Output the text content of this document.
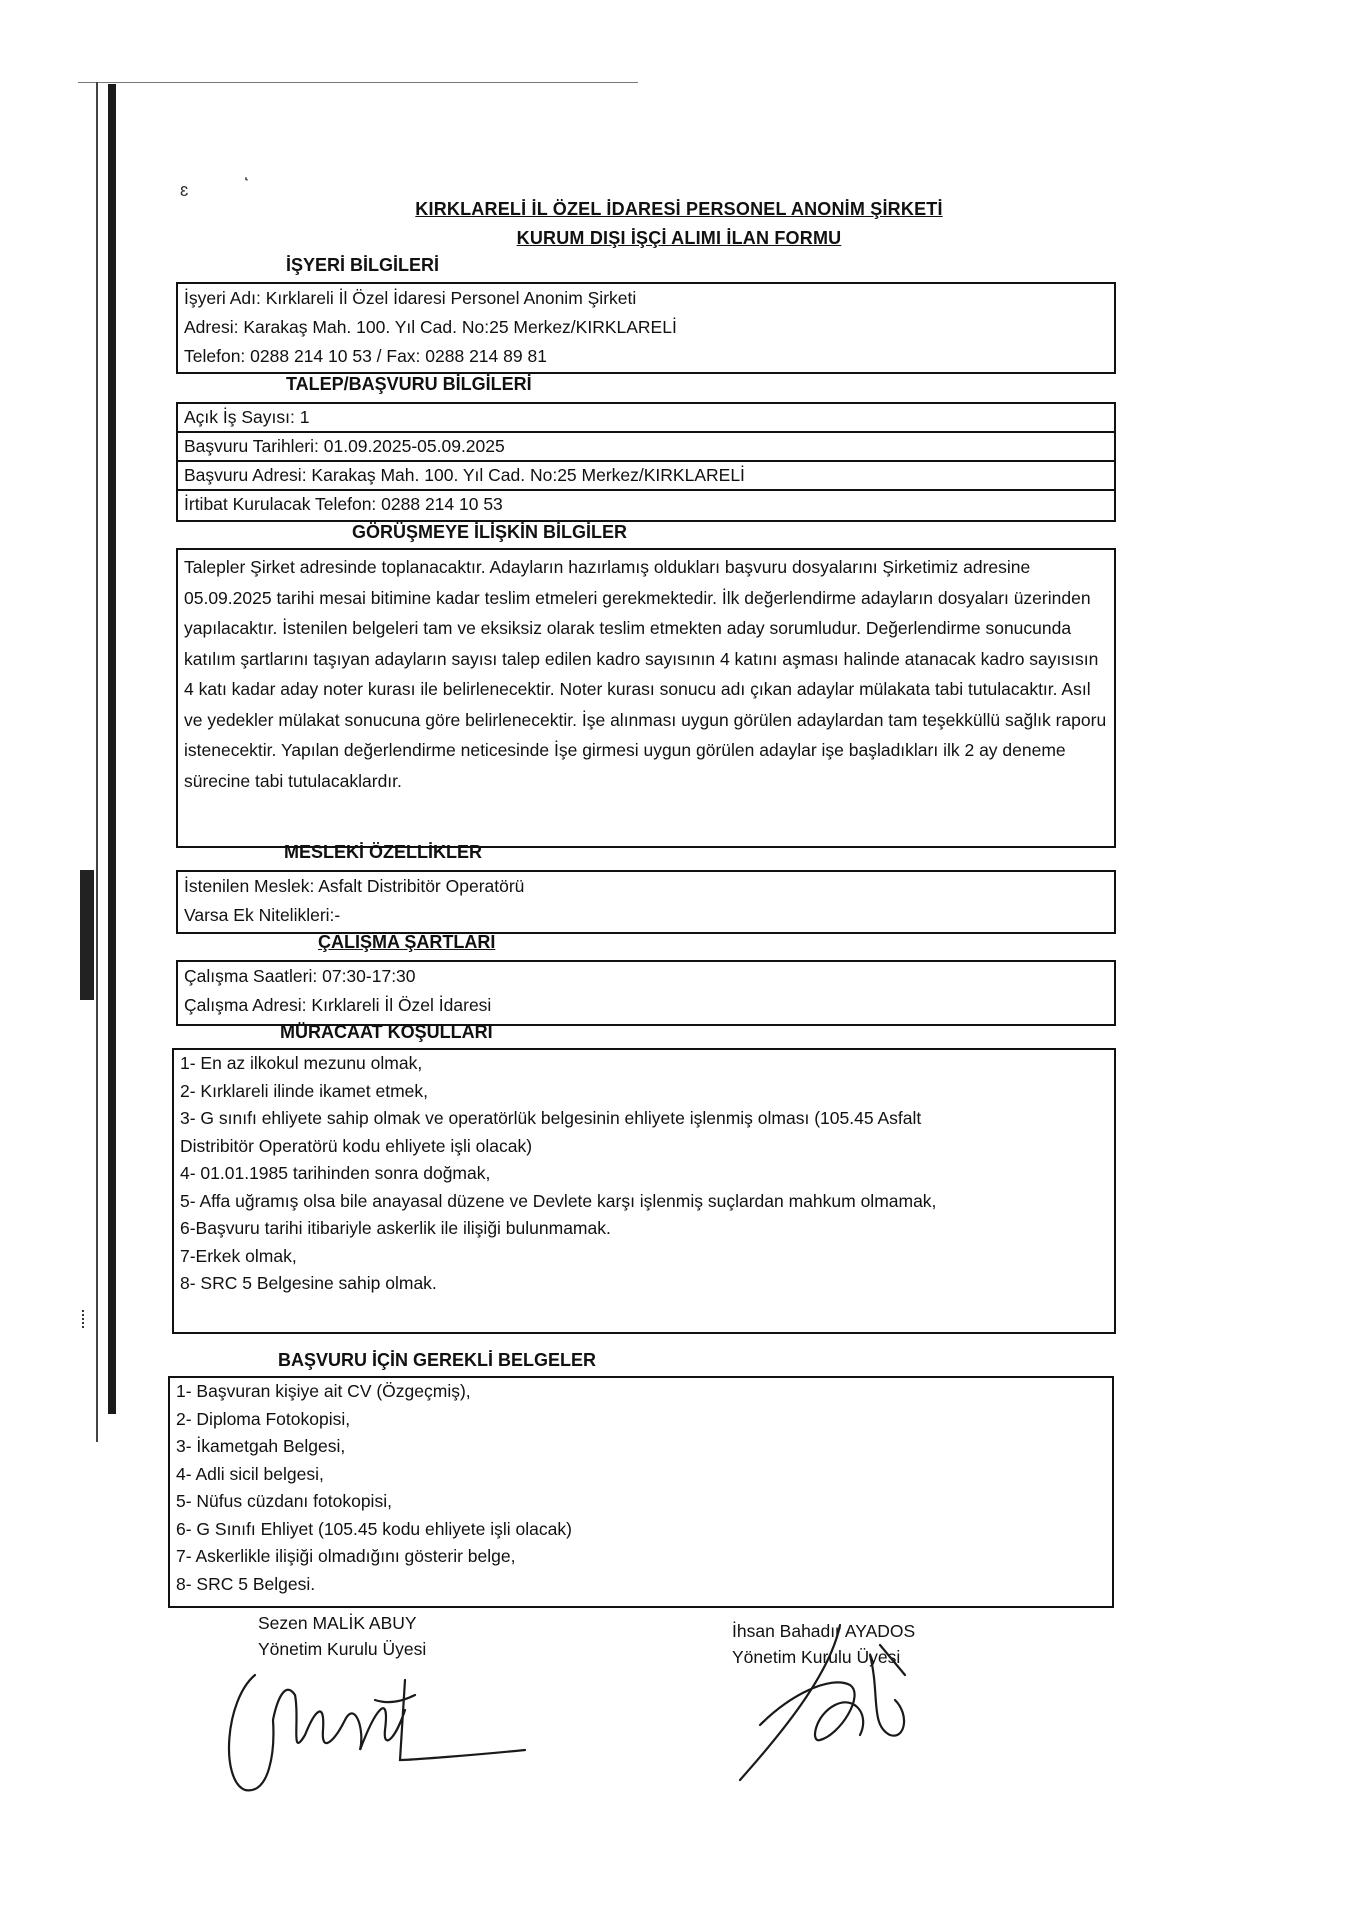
ɛ
KIRKLARELİ İL ÖZEL İDARESİ PERSONEL ANONİM ŞİRKETİ
KURUM DIŞI İŞÇİ ALIMI İLAN FORMU
İŞYERİ BİLGİLERİ
İşyeri Adı: Kırklareli İl Özel İdaresi Personel Anonim Şirketi
Adresi: Karakaş Mah. 100. Yıl Cad. No:25 Merkez/KIRKLARELİ
Telefon: 0288 214 10 53 / Fax: 0288 214 89 81
TALEP/BAŞVURU BİLGİLERİ
Açık İş Sayısı: 1
Başvuru Tarihleri: 01.09.2025-05.09.2025
Başvuru Adresi: Karakaş Mah. 100. Yıl Cad. No:25 Merkez/KIRKLARELİ
İrtibat Kurulacak Telefon: 0288 214 10 53
GÖRÜŞMEYE İLİŞKİN BİLGİLER
Talepler Şirket adresinde toplanacaktır. Adayların hazırlamış oldukları başvuru dosyalarını Şirketimiz adresine 05.09.2025 tarihi mesai bitimine kadar teslim etmeleri gerekmektedir. İlk değerlendirme adayların dosyaları üzerinden yapılacaktır. İstenilen belgeleri tam ve eksiksiz olarak teslim etmekten aday sorumludur. Değerlendirme sonucunda katılım şartlarını taşıyan adayların sayısı talep edilen kadro sayısının 4 katını aşması halinde atanacak kadro sayısısın 4 katı kadar aday noter kurası ile belirlenecektir. Noter kurası sonucu adı çıkan adaylar mülakata tabi tutulacaktır. Asıl ve yedekler mülakat sonucuna göre belirlenecektir. İşe alınması uygun görülen adaylardan tam teşekküllü sağlık raporu istenecektir. Yapılan değerlendirme neticesinde İşe girmesi uygun görülen adaylar işe başladıkları ilk 2 ay deneme sürecine tabi tutulacaklardır.
MESLEKİ ÖZELLİKLER
İstenilen Meslek: Asfalt Distribitör Operatörü
Varsa Ek Nitelikleri:-
ÇALIŞMA ŞARTLARI
Çalışma Saatleri: 07:30-17:30
Çalışma Adresi: Kırklareli İl Özel İdaresi
MÜRACAAT KOŞULLARI
1- En az ilkokul mezunu olmak,
2- Kırklareli ilinde ikamet etmek,
3- G sınıfı ehliyete sahip olmak ve operatörlük belgesinin ehliyete işlenmiş olması (105.45 Asfalt
Distribitör Operatörü kodu ehliyete işli olacak)
4- 01.01.1985 tarihinden sonra doğmak,
5- Affa uğramış olsa bile anayasal düzene ve Devlete karşı işlenmiş suçlardan mahkum olmamak,
6-Başvuru tarihi itibariyle askerlik ile ilişiği bulunmamak.
7-Erkek olmak,
8- SRC 5 Belgesine sahip olmak.
BAŞVURU İÇİN GEREKLİ BELGELER
1- Başvuran kişiye ait CV (Özgeçmiş),
2- Diploma Fotokopisi,
3- İkametgah Belgesi,
4- Adli sicil belgesi,
5- Nüfus cüzdanı fotokopisi,
6- G Sınıfı Ehliyet (105.45 kodu ehliyete işli olacak)
7- Askerlikle ilişiği olmadığını gösterir belge,
8- SRC 5 Belgesi.
Sezen MALİK ABUY
Yönetim Kurulu Üyesi
İhsan Bahadır AYADOS
Yönetim Kurulu Üyesi
